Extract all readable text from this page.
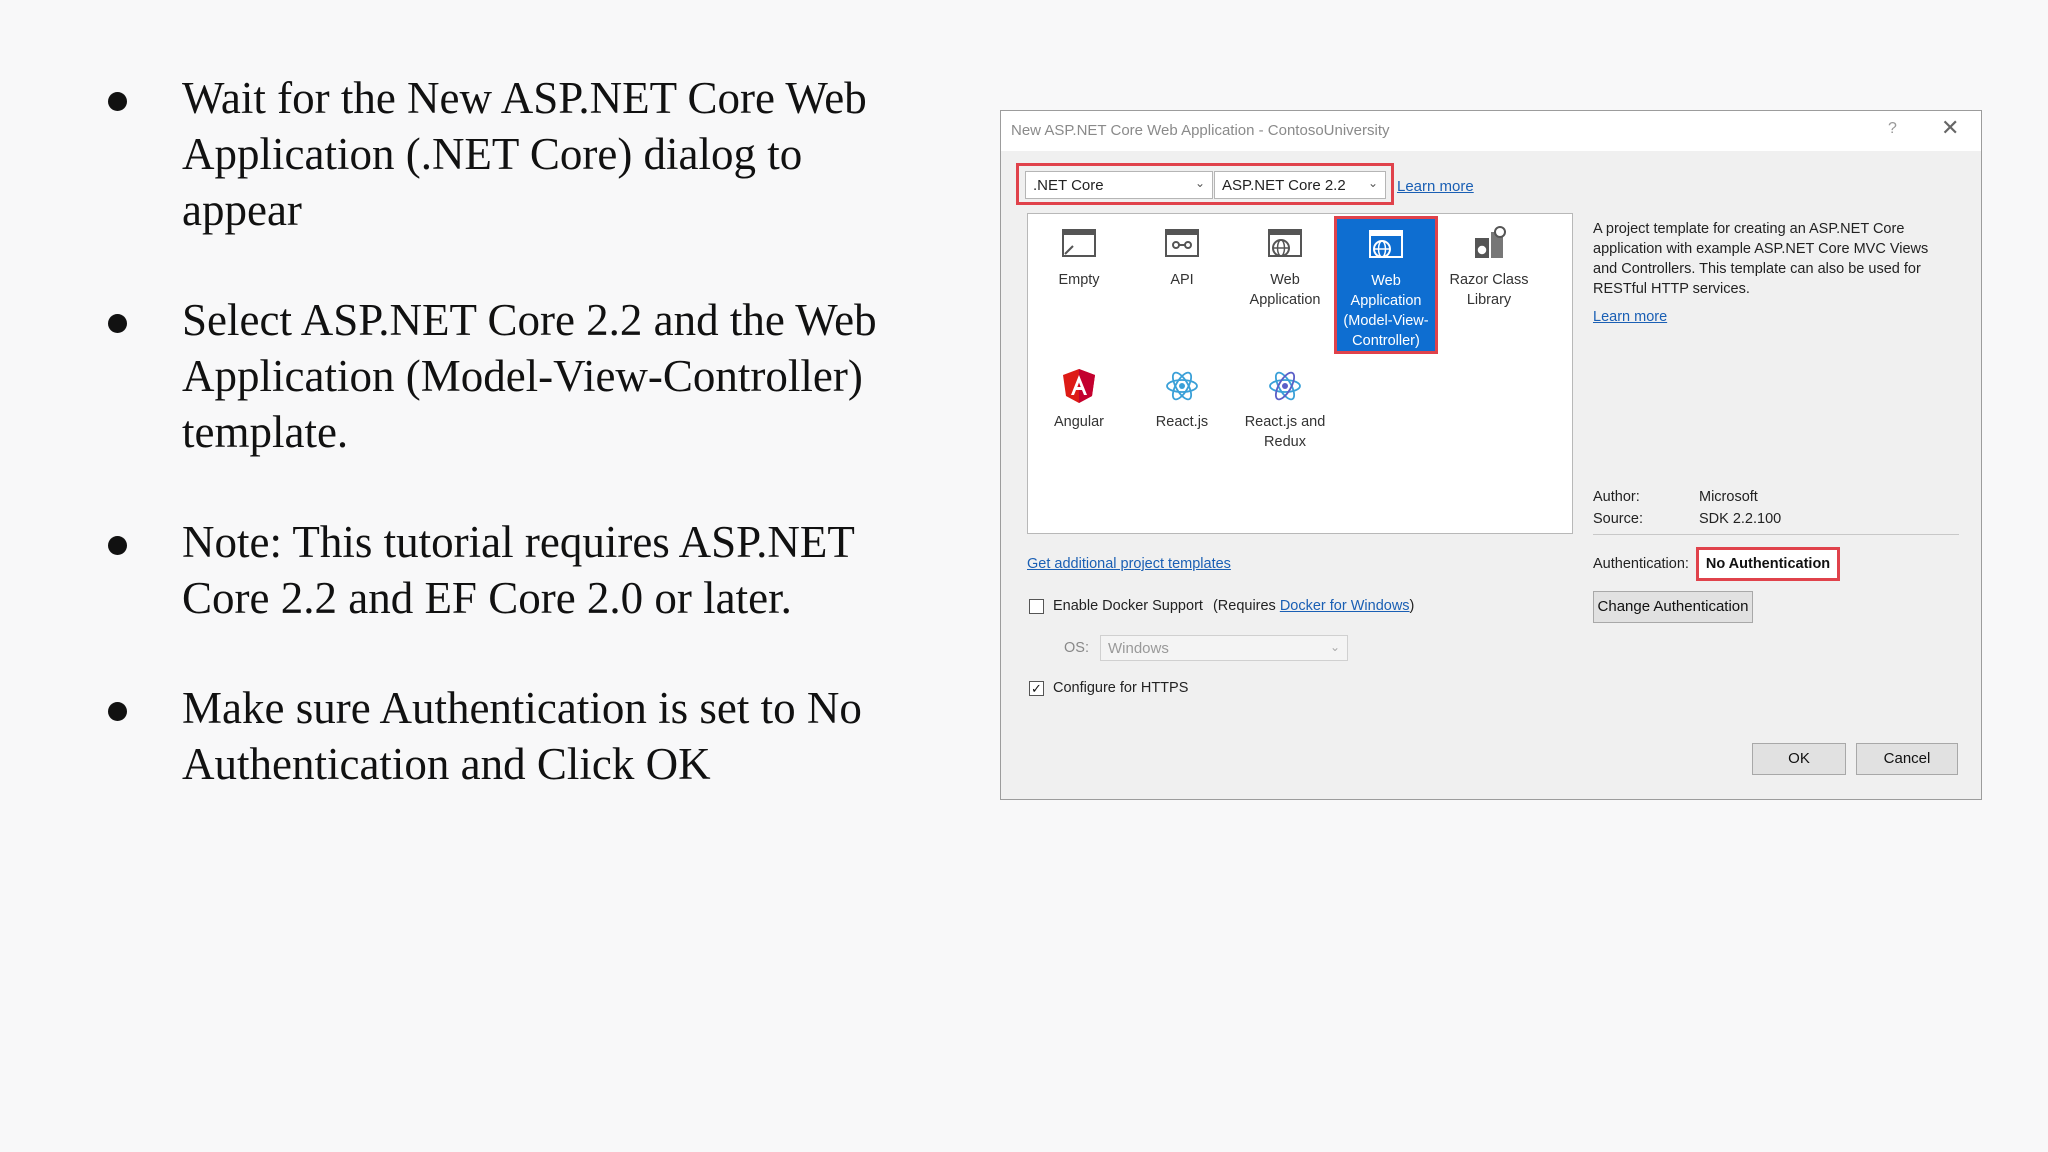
Wait for the New ASP.NET Core Web Application (.NET Core) dialog to appear
Select ASP.NET Core 2.2 and the Web Application (Model-View-Controller) template.
Note: This tutorial requires ASP.NET Core 2.2 and EF Core 2.0 or later.
Make sure Authentication is set to No Authentication and Click OK
New ASP.NET Core Web Application - ContosoUniversity	? ✕
.NET Core	⌄ ASP.NET Core 2.2 ⌄ Learn more
Empty	API	Web Application
Web Application (Model-View-Controller)
Razor Class Library
Angular	React.js	React.js and Redux
A project template for creating an ASP.NET Core application with example ASP.NET Core MVC Views and Controllers. This template can also be used for RESTful HTTP services.
Learn more
Author:	Microsoft
Source:	SDK 2.2.100
Authentication:	No Authentication
Change Authentication
Get additional project templates
Enable Docker Support (Requires Docker for Windows)
OS: Windows	⌄
✓ Configure for HTTPS
OK	Cancel
